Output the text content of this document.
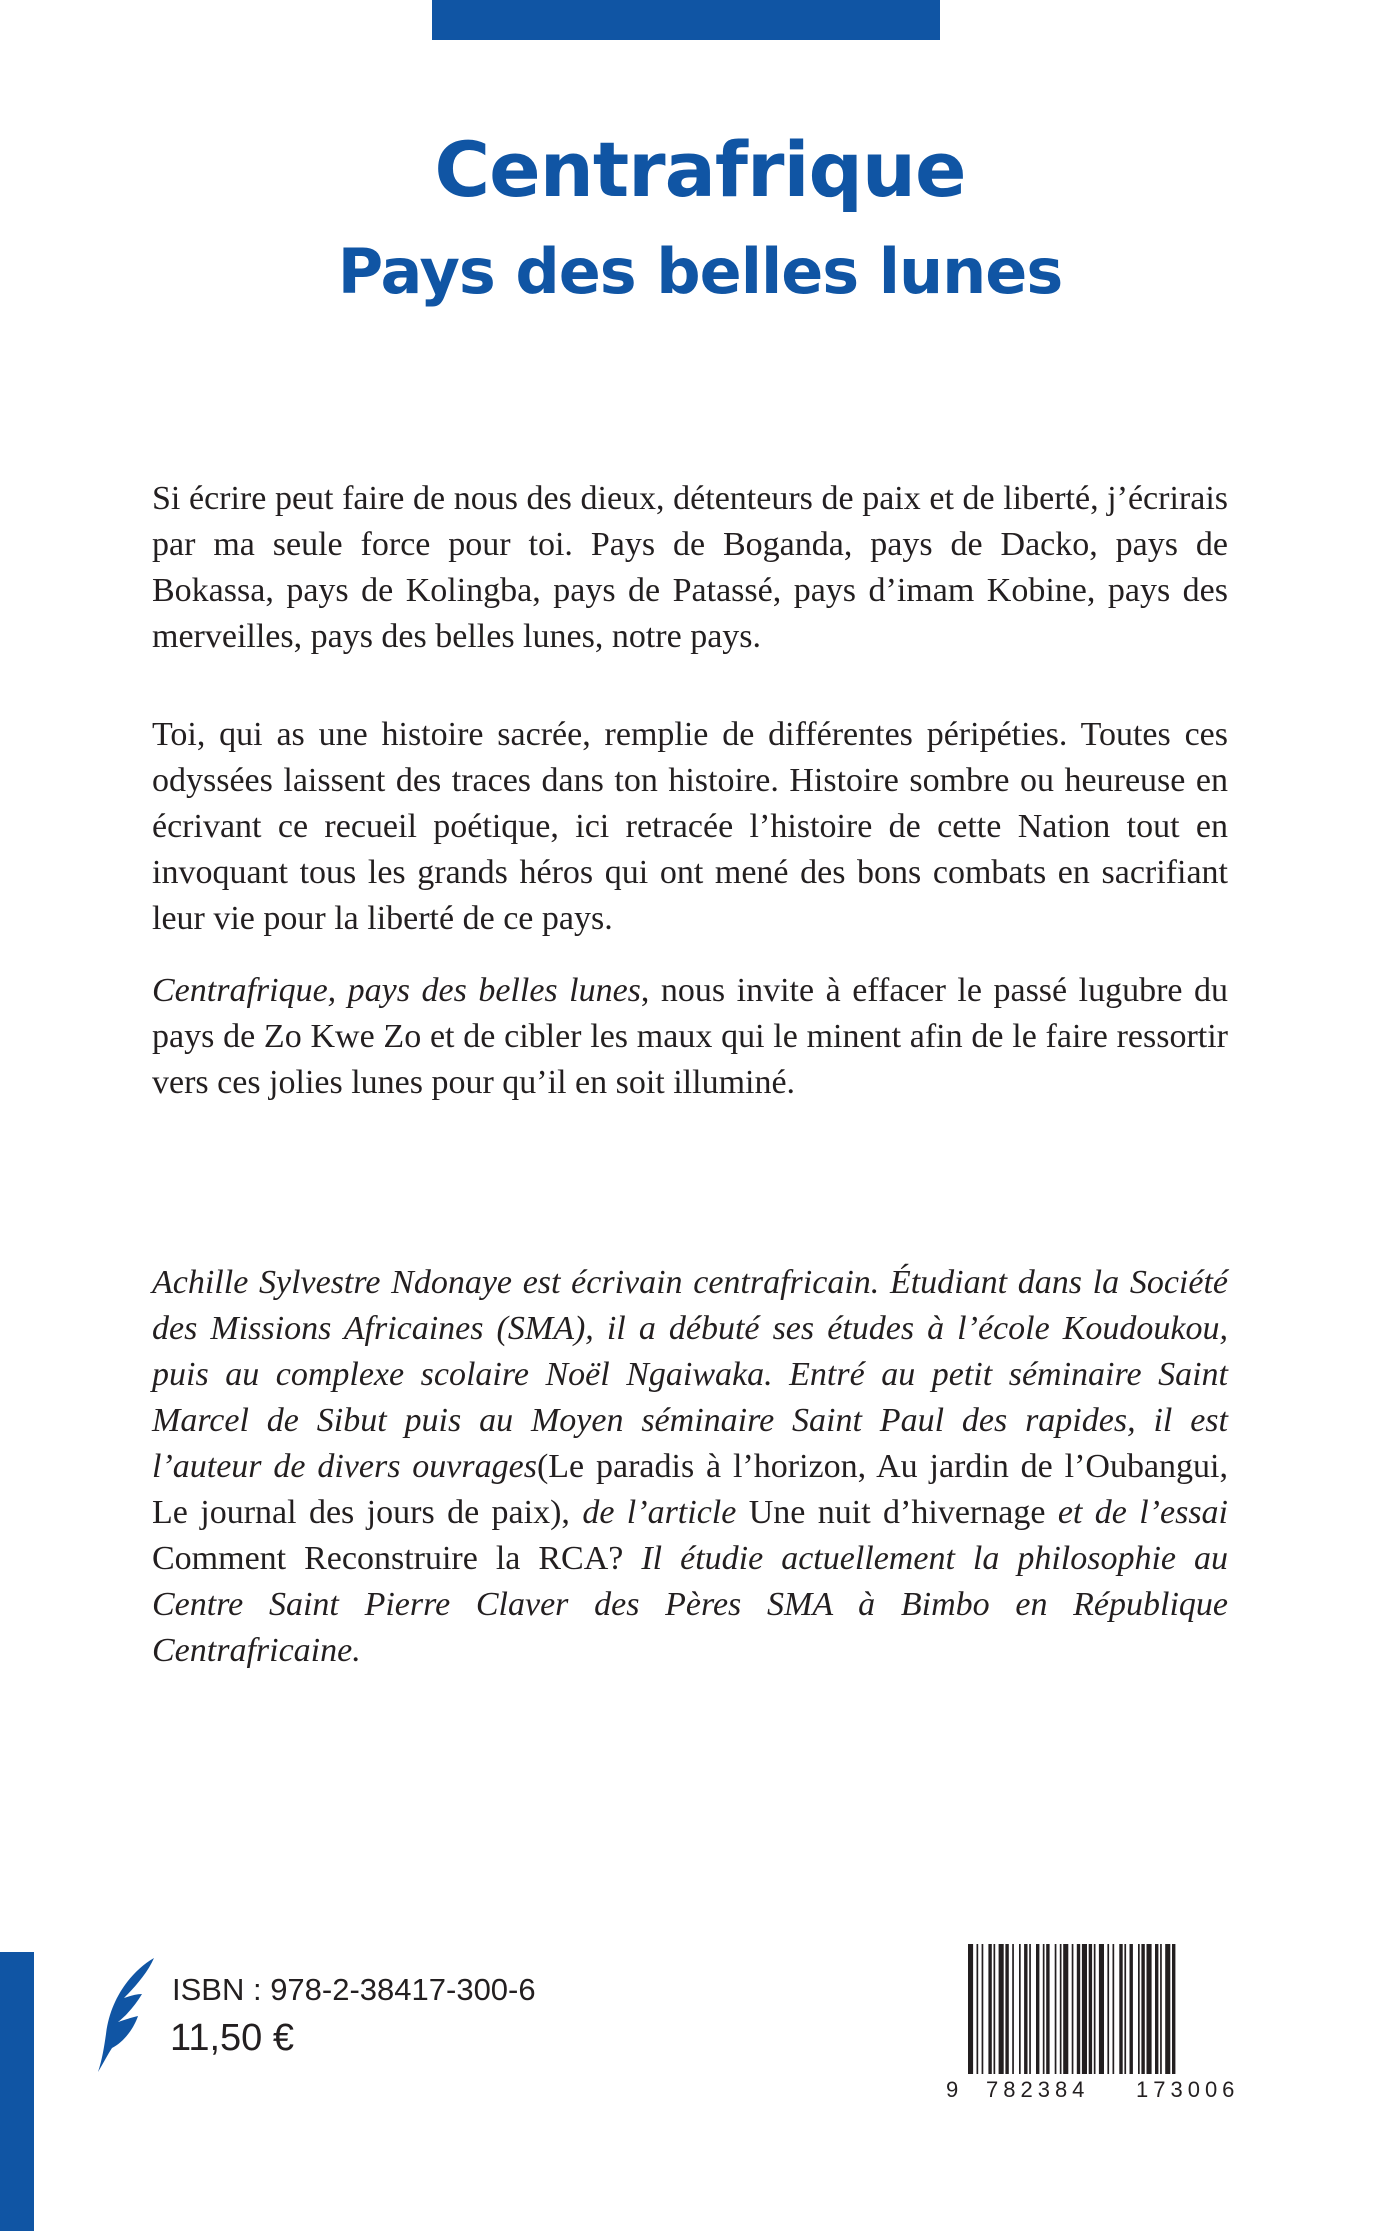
Centrafrique
Pays des belles lunes

Si écrire peut faire de nous des dieux, détenteurs de paix et de liberté, j’écrirais par ma seule force pour toi. Pays de Boganda, pays de Dacko, pays de Bokassa, pays de Kolingba, pays de Patassé, pays d’imam Kobine, pays des merveilles, pays des belles lunes, notre pays.

Toi, qui as une histoire sacrée, remplie de différentes péripéties. Toutes ces odyssées laissent des traces dans ton histoire. Histoire sombre ou heureuse en écrivant ce recueil poétique, ici retracée l’histoire de cette Nation tout en invoquant tous les grands héros qui ont mené des bons combats en sacrifiant leur vie pour la liberté de ce pays.

Centrafrique, pays des belles lunes, nous invite à effacer le passé lugubre du pays de Zo Kwe Zo et de cibler les maux qui le minent afin de le faire ressortir vers ces jolies lunes pour qu’il en soit illuminé.

Achille Sylvestre Ndonaye est écrivain centrafricain. Étudiant dans la Société des Missions Africaines (SMA), il a débuté ses études à l’école Koudoukou, puis au complexe scolaire Noël Ngaiwaka. Entré au petit séminaire Saint Marcel de Sibut puis au Moyen séminaire Saint Paul des rapides, il est l’auteur de divers ouvrages(Le paradis à l’horizon, Au jardin de l’Oubangui, Le journal des jours de paix), de l’article Une nuit d’hivernage et de l’essai Comment Reconstruire la RCA? Il étudie actuellement la philosophie au Centre Saint Pierre Claver des Pères SMA à Bimbo en République Centrafricaine.

ISBN : 978-2-38417-300-6
11,50 €
9 782384 173006
